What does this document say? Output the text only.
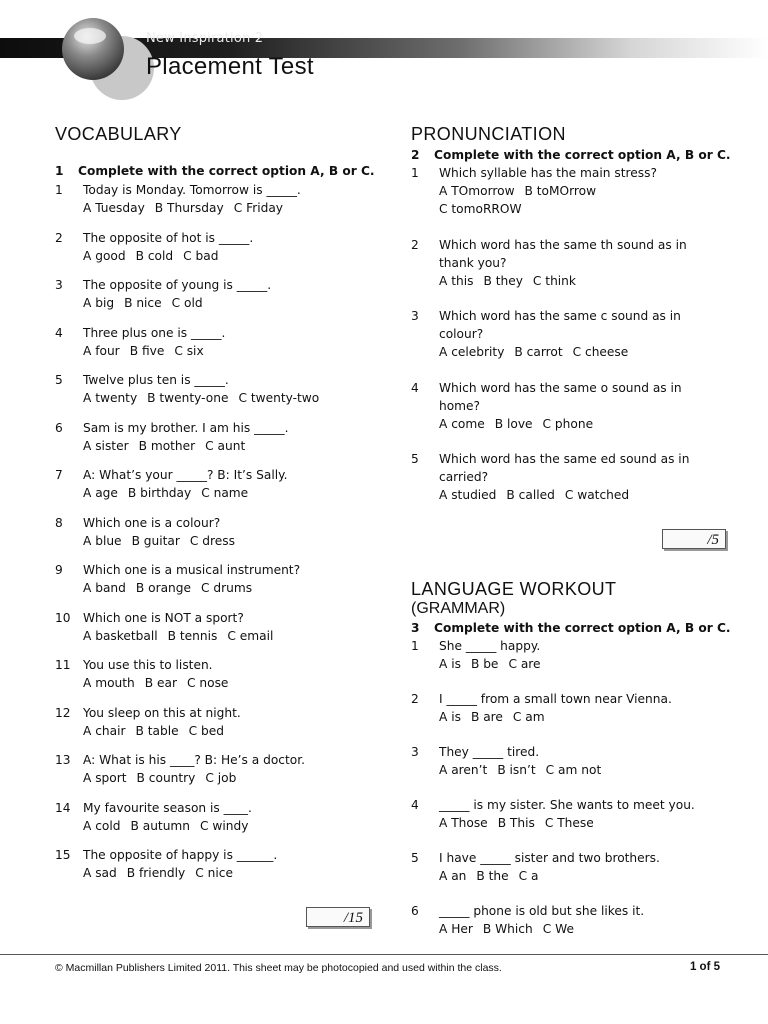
New Inspiration 2
Placement Test
VOCABULARY
1 Complete with the correct option A, B or C.
1 Today is Monday. Tomorrow is _____.
A Tuesday B Thursday C Friday
2 The opposite of hot is _____.
A good B cold C bad
3 The opposite of young is _____.
A big B nice C old
4 Three plus one is _____.
A four B five C six
5 Twelve plus ten is _____.
A twenty B twenty-one C twenty-two
6 Sam is my brother. I am his _____.
A sister B mother C aunt
7 A: What’s your _____? B: It’s Sally.
A age B birthday C name
8 Which one is a colour?
A blue B guitar C dress
9 Which one is a musical instrument?
A band B orange C drums
10 Which one is NOT a sport?
A basketball B tennis C email
11 You use this to listen.
A mouth B ear C nose
12 You sleep on this at night.
A chair B table C bed
13 A: What is his ____? B: He’s a doctor.
A sport B country C job
14 My favourite season is ____.
A cold B autumn C windy
15 The opposite of happy is ______.
A sad B friendly C nice
/15
PRONUNCIATION
2 Complete with the correct option A, B or C.
1 Which syllable has the main stress?
A TOmorrow B toMOrrow
C tomoRROW
2 Which word has the same th sound as in
thank you?
A this B they C think
3 Which word has the same c sound as in
colour?
A celebrity B carrot C cheese
4 Which word has the same o sound as in
home?
A come B love C phone
5 Which word has the same ed sound as in
carried?
A studied B called C watched
/5
LANGUAGE WORKOUT
(GRAMMAR)
3 Complete with the correct option A, B or C.
1 She _____ happy.
A is B be C are
2 I _____ from a small town near Vienna.
A is B are C am
3 They _____ tired.
A aren’t B isn’t C am not
4 _____ is my sister. She wants to meet you.
A Those B This C These
5 I have _____ sister and two brothers.
A an B the C a
6 _____ phone is old but she likes it.
A Her B Which C We
© Macmillan Publishers Limited 2011. This sheet may be photocopied and used within the class.	1 of 5
